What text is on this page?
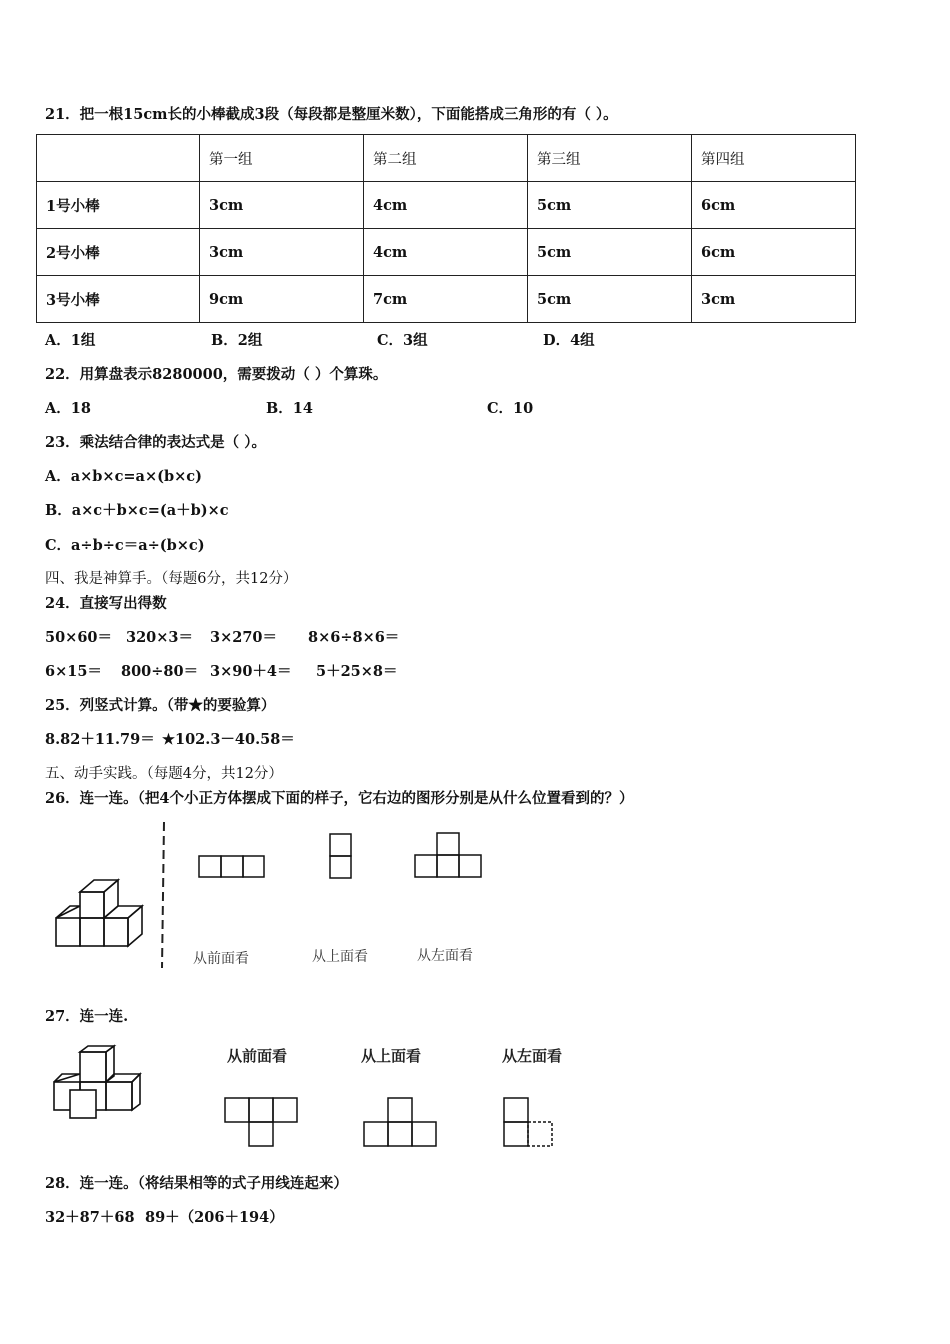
21．把一根15cm长的小棒截成3段（每段都是整厘米数），下面能搭成三角形的有（ ）。
	第一组	第二组	第三组	第四组
1号小棒	3cm	4cm	5cm	6cm
2号小棒	3cm	4cm	5cm	6cm
3号小棒	9cm	7cm	5cm	3cm
A．1组	B．2组	C．3组	D．4组
22．用算盘表示8280000，需要拨动（ ）个算珠。
A．18	B．14	C．10
23．乘法结合律的表达式是（ ）。
A．a×b×c=a×(b×c)
B．a×c＋b×c=(a＋b)×c
C．a÷b÷c＝a÷(b×c)
四、我是神算手。（每题6分，共12分）
24．直接写出得数
50×60＝ 320×3＝ 3×270＝ 8×6÷8×6＝
6×15＝ 800÷80＝ 3×90＋4＝ 5＋25×8＝
25．列竖式计算。（带★的要验算）
8.82＋11.79＝ ★102.3－40.58＝
五、动手实践。（每题4分，共12分）
26．连一连。（把4个小正方体摆成下面的样子，它右边的图形分别是从什么位置看到的？）
从前面看	从上面看	从左面看
27．连一连.
从前面看	从上面看	从左面看
28．连一连。（将结果相等的式子用线连起来）
32＋87＋68 89＋（206＋194）
